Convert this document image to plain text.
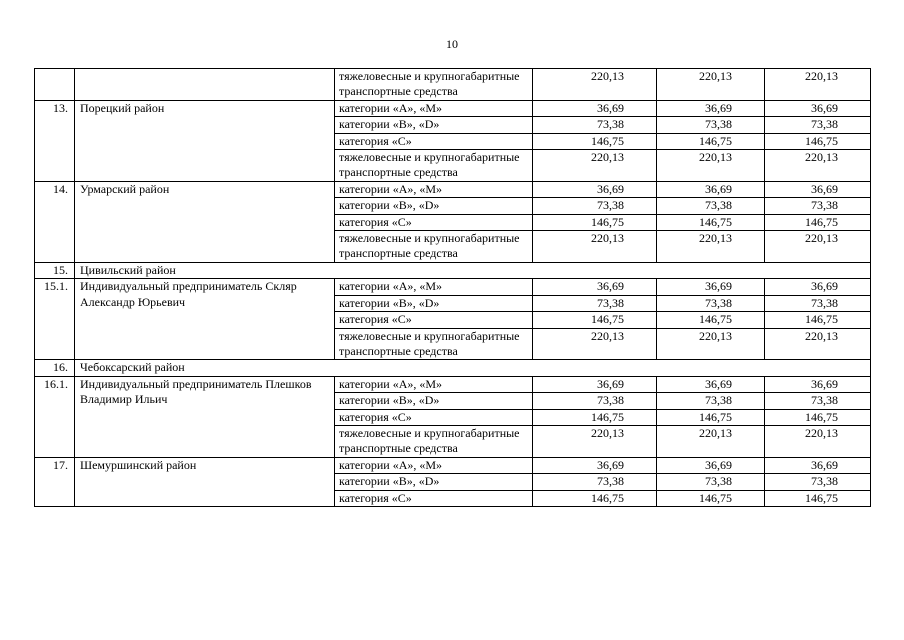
10
		тяжеловесные и крупногабаритные транспортные средства	220,13	220,13	220,13
13.	Порецкий район	категории «А», «М»	36,69	36,69	36,69
		категории «В», «D»	73,38	73,38	73,38
		категория «С»	146,75	146,75	146,75
		тяжеловесные и крупногабаритные транспортные средства	220,13	220,13	220,13
14.	Урмарский район	категории «А», «М»	36,69	36,69	36,69
		категории «В», «D»	73,38	73,38	73,38
		категория «С»	146,75	146,75	146,75
		тяжеловесные и крупногабаритные транспортные средства	220,13	220,13	220,13
15.	Цивильский район				
15.1.	Индивидуальный предприниматель Скляр Александр Юрьевич	категории «А», «М»	36,69	36,69	36,69
		категории «В», «D»	73,38	73,38	73,38
		категория «С»	146,75	146,75	146,75
		тяжеловесные и крупногабаритные транспортные средства	220,13	220,13	220,13
16.	Чебоксарский район				
16.1.	Индивидуальный предприниматель Плешков Владимир Ильич	категории «А», «М»	36,69	36,69	36,69
		категории «В», «D»	73,38	73,38	73,38
		категория «С»	146,75	146,75	146,75
		тяжеловесные и крупногабаритные транспортные средства	220,13	220,13	220,13
17.	Шемуршинский район	категории «А», «М»	36,69	36,69	36,69
		категории «В», «D»	73,38	73,38	73,38
		категория «С»	146,75	146,75	146,75
